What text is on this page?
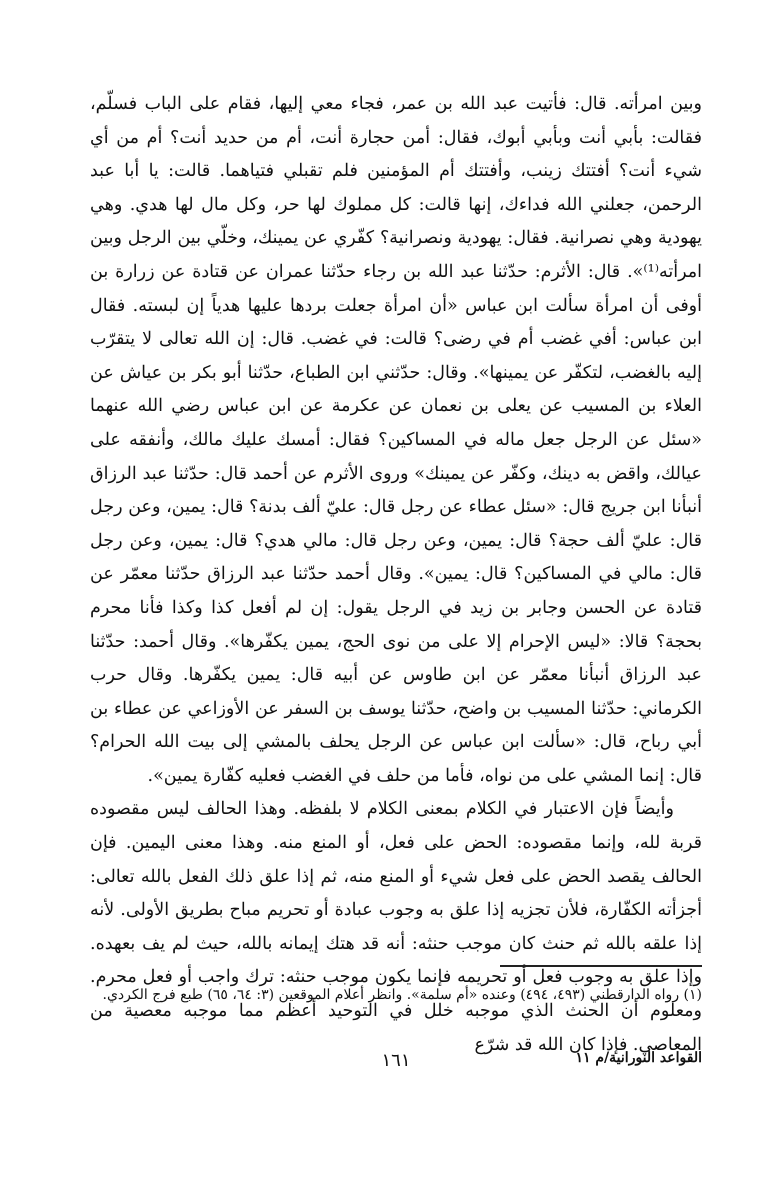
وبين امرأته. قال: فأتيت عبد الله بن عمر، فجاء معي إليها، فقام على الباب فسلّم، فقالت: بأبي أنت وبأبي أبوك، فقال: أمن حجارة أنت، أم من حديد أنت؟ أم من أي شيء أنت؟ أفتتك زينب، وأفتتك أم المؤمنين فلم تقبلي فتياهما. قالت: يا أبا عبد الرحمن، جعلني الله فداءك، إنها قالت: كل مملوك لها حر، وكل مال لها هدي. وهي يهودية وهي نصرانية. فقال: يهودية ونصرانية؟ كفّري عن يمينك، وخلّي بين الرجل وبين امرأته⁽¹⁾». قال: الأثرم: حدّثنا عبد الله بن رجاء حدّثنا عمران عن قتادة عن زرارة بن أوفى أن امرأة سألت ابن عباس «أن امرأة جعلت بردها عليها هدياً إن لبسته. فقال ابن عباس: أفي غضب أم في رضى؟ قالت: في غضب. قال: إن الله تعالى لا يتقرّب إليه بالغضب، لتكفّر عن يمينها». وقال: حدّثني ابن الطباع، حدّثنا أبو بكر بن عياش عن العلاء بن المسيب عن يعلى بن نعمان عن عكرمة عن ابن عباس رضي الله عنهما «سئل عن الرجل جعل ماله في المساكين؟ فقال: أمسك عليك مالك، وأنفقه على عيالك، واقض به دينك، وكفّر عن يمينك» وروى الأثرم عن أحمد قال: حدّثنا عبد الرزاق أنبأنا ابن جريج قال: «سئل عطاء عن رجل قال: عليّ ألف بدنة؟ قال: يمين، وعن رجل قال: عليّ ألف حجة؟ قال: يمين، وعن رجل قال: مالي هدي؟ قال: يمين، وعن رجل قال: مالي في المساكين؟ قال: يمين». وقال أحمد حدّثنا عبد الرزاق حدّثنا معمّر عن قتادة عن الحسن وجابر بن زيد في الرجل يقول: إن لم أفعل كذا وكذا فأنا محرم بحجة؟ قالا: «ليس الإحرام إلا على من نوى الحج، يمين يكفّرها». وقال أحمد: حدّثنا عبد الرزاق أنبأنا معمّر عن ابن طاوس عن أبيه قال: يمين يكفّرها. وقال حرب الكرماني: حدّثنا المسيب بن واضح، حدّثنا يوسف بن السفر عن الأوزاعي عن عطاء بن أبي رباح، قال: «سألت ابن عباس عن الرجل يحلف بالمشي إلى بيت الله الحرام؟ قال: إنما المشي على من نواه، فأما من حلف في الغضب فعليه كفّارة يمين».

وأيضاً فإن الاعتبار في الكلام بمعنى الكلام لا بلفظه. وهذا الحالف ليس مقصوده قربة لله، وإنما مقصوده: الحض على فعل، أو المنع منه. وهذا معنى اليمين. فإن الحالف يقصد الحض على فعل شيء أو المنع منه، ثم إذا علق ذلك الفعل بالله تعالى: أجزأته الكفّارة، فلأن تجزيه إذا علق به وجوب عبادة أو تحريم مباح بطريق الأولى. لأنه إذا علقه بالله ثم حنث كان موجب حنثه: أنه قد هتك إيمانه بالله، حيث لم يف بعهده. وإذا علق به وجوب فعل أو تحريمه فإنما يكون موجب حنثه: ترك واجب أو فعل محرم. ومعلوم أن الحنث الذي موجبه خلل في التوحيد أعظم مما موجبه معصية من المعاصي. فإذا كان الله قد شرّع

(١) رواه الدارقطني (٤٩٣، ٤٩٤) وعنده «أم سلمة». وانظر أعلام الموقعين (٣: ٦٤، ٦٥) طبع فرج الكردي.

القواعد النورانية/م ١١
١٦١
